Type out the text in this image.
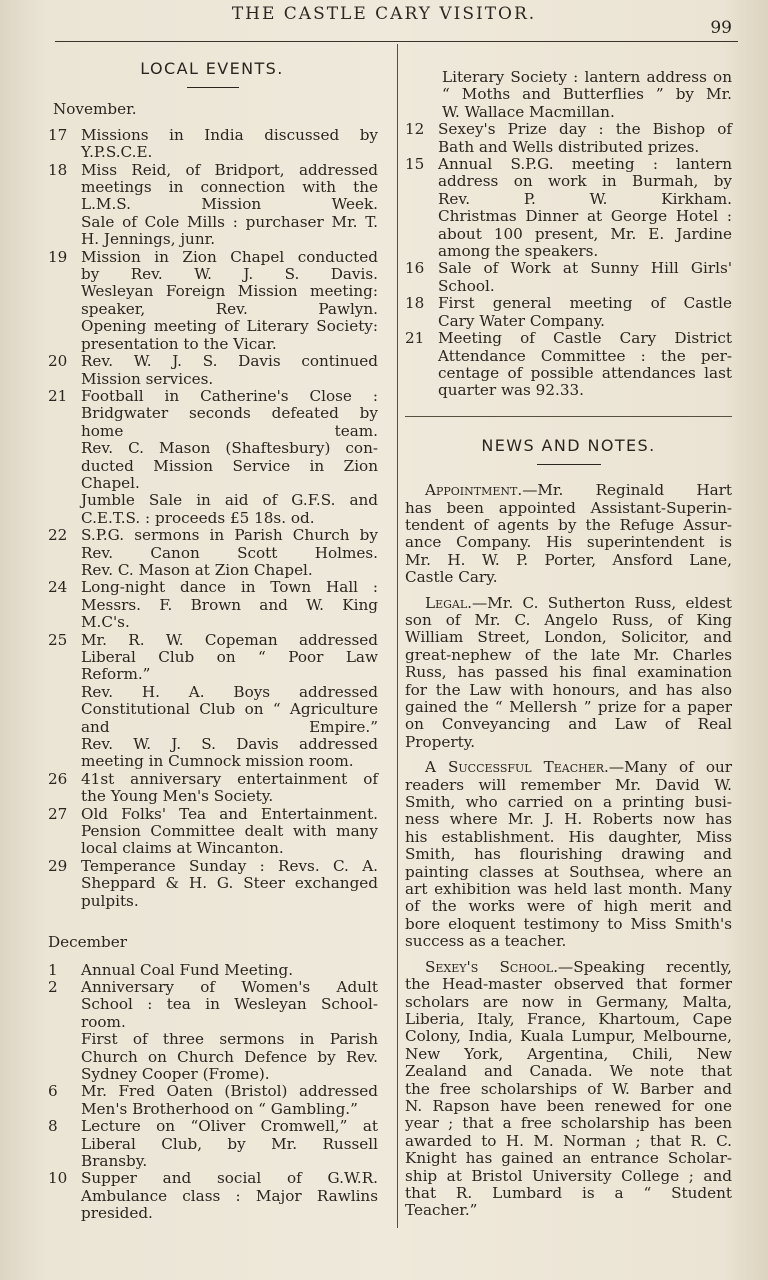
THE CASTLE CARY VISITOR.
99
LOCAL EVENTS.
November.
17 Missions in India discussed by
Y.P.S.C.E.
18 Miss Reid, of Bridport, addressed
meetings in connection with the
L.M.S. Mission Week.
Sale of Cole Mills : purchaser Mr. T.
H. Jennings, junr.
19 Mission in Zion Chapel conducted
by Rev. W. J. S. Davis.
Wesleyan Foreign Mission meeting:
speaker, Rev. Pawlyn.
Opening meeting of Literary Society:
presentation to the Vicar.
20 Rev. W. J. S. Davis continued
Mission services.
21 Football in Catherine's Close :
Bridgwater seconds defeated by
home team.
Rev. C. Mason (Shaftesbury) con-
ducted Mission Service in Zion
Chapel.
Jumble Sale in aid of G.F.S. and
C.E.T.S. : proceeds £5 18s. od.
22 S.P.G. sermons in Parish Church by
Rev. Canon Scott Holmes.
Rev. C. Mason at Zion Chapel.
24 Long-night dance in Town Hall :
Messrs. F. Brown and W. King
M.C's.
25 Mr. R. W. Copeman addressed
Liberal Club on “ Poor Law
Reform.”
Rev. H. A. Boys addressed
Constitutional Club on “ Agriculture
and Empire.”
Rev. W. J. S. Davis addressed
meeting in Cumnock mission room.
26 41st anniversary entertainment of
the Young Men's Society.
27 Old Folks' Tea and Entertainment.
Pension Committee dealt with many
local claims at Wincanton.
29 Temperance Sunday : Revs. C. A.
Sheppard & H. G. Steer exchanged
pulpits.
December
1	Annual Coal Fund Meeting.
2	Anniversary of Women's Adult
School : tea in Wesleyan School-
room.
First of three sermons in Parish
Church on Church Defence by Rev.
Sydney Cooper (Frome).
6	Mr. Fred Oaten (Bristol) addressed
Men's Brotherhood on “ Gambling.”
8	Lecture on “Oliver Cromwell,” at
Liberal Club, by Mr. Russell
Bransby.
10 Supper and social of G.W.R.
Ambulance class : Major Rawlins
presided.
Literary Society : lantern address on
“ Moths and Butterflies ” by Mr.
W. Wallace Macmillan.
12 Sexey's Prize day : the Bishop of
Bath and Wells distributed prizes.
15 Annual S.P.G. meeting : lantern
address on work in Burmah, by
Rev. P. W. Kirkham.
Christmas Dinner at George Hotel :
about 100 present, Mr. E. Jardine
among the speakers.
16 Sale of Work at Sunny Hill Girls'
School.
18 First general meeting of Castle
Cary Water Company.
21 Meeting of Castle Cary District
Attendance Committee : the per-
centage of possible attendances last
quarter was 92.33.
NEWS AND NOTES.
Appointment.—Mr. Reginald Hart
has been appointed Assistant-Superin-
tendent of agents by the Refuge Assur-
ance Company. His superintendent is
Mr. H. W. P. Porter, Ansford Lane,
Castle Cary.
Legal.—Mr. C. Sutherton Russ, eldest
son of Mr. C. Angelo Russ, of King
William Street, London, Solicitor, and
great-nephew of the late Mr. Charles
Russ, has passed his final examination
for the Law with honours, and has also
gained the “ Mellersh ” prize for a paper
on Conveyancing and Law of Real
Property.
A Successful Teacher.—Many of our
readers will remember Mr. David W.
Smith, who carried on a printing busi-
ness where Mr. J. H. Roberts now has
his establishment. His daughter, Miss
Smith, has flourishing drawing and
painting classes at Southsea, where an
art exhibition was held last month. Many
of the works were of high merit and
bore eloquent testimony to Miss Smith's
success as a teacher.
Sexey's School.—Speaking recently,
the Head-master observed that former
scholars are now in Germany, Malta,
Liberia, Italy, France, Khartoum, Cape
Colony, India, Kuala Lumpur, Melbourne,
New York, Argentina, Chili, New
Zealand and Canada. We note that
the free scholarships of W. Barber and
N. Rapson have been renewed for one
year ; that a free scholarship has been
awarded to H. M. Norman ; that R. C.
Knight has gained an entrance Scholar-
ship at Bristol University College ; and
that R. Lumbard is a “ Student
Teacher.”
